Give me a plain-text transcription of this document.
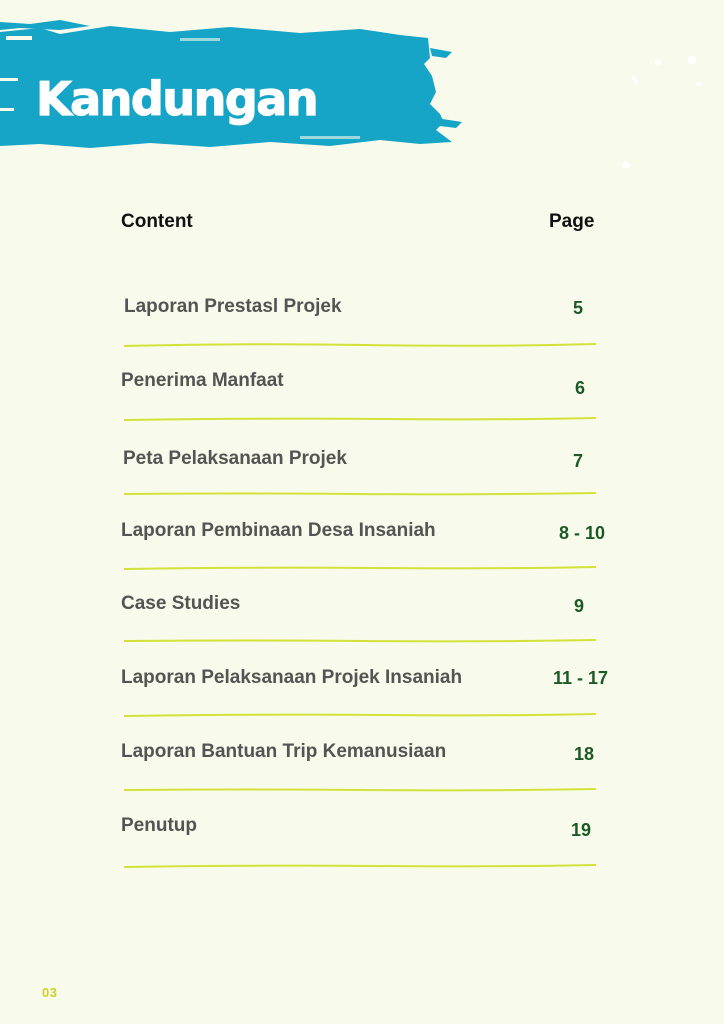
Kandungan
Content	Page
Laporan Prestasl Projek	5
Penerima Manfaat	6
Peta Pelaksanaan Projek	7
Laporan Pembinaan Desa Insaniah	8 - 10
Case Studies	9
Laporan Pelaksanaan Projek Insaniah	11 - 17
Laporan Bantuan Trip Kemanusiaan	18
Penutup	19
03
